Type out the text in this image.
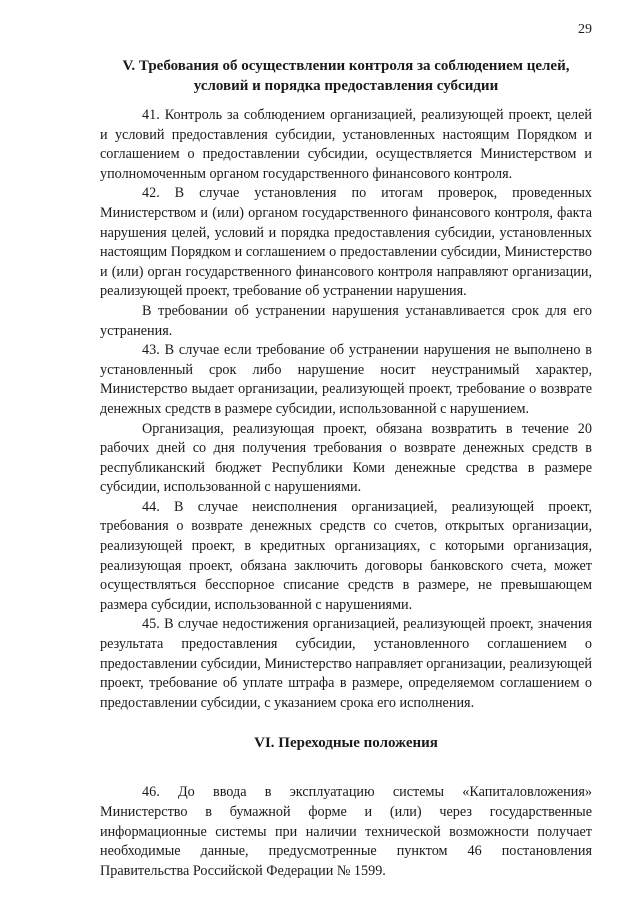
29
V. Требования об осуществлении контроля за соблюдением целей,
условий и порядка предоставления субсидии

41. Контроль за соблюдением организацией, реализующей проект, целей и условий предоставления субсидии, установленных настоящим Порядком и соглашением о предоставлении субсидии, осуществляется Министерством и уполномоченным органом государственного финансового контроля.

42. В случае установления по итогам проверок, проведенных Министерством и (или) органом государственного финансового контроля, факта нарушения целей, условий и порядка предоставления субсидии, установленных настоящим Порядком и соглашением о предоставлении субсидии, Министерство и (или) орган государственного финансового контроля направляют организации, реализующей проект, требование об устранении нарушения.

В требовании об устранении нарушения устанавливается срок для его устранения.

43. В случае если требование об устранении нарушения не выполнено в установленный срок либо нарушение носит неустранимый характер, Министерство выдает организации, реализующей проект, требование о возврате денежных средств в размере субсидии, использованной с нарушением.

Организация, реализующая проект, обязана возвратить в течение 20 рабочих дней со дня получения требования о возврате денежных средств в республиканский бюджет Республики Коми денежные средства в размере субсидии, использованной с нарушениями.

44. В случае неисполнения организацией, реализующей проект, требования о возврате денежных средств со счетов, открытых организации, реализующей проект, в кредитных организациях, с которыми организация, реализующая проект, обязана заключить договоры банковского счета, может осуществляться бесспорное списание средств в размере, не превышающем размера субсидии, использованной с нарушениями.

45. В случае недостижения организацией, реализующей проект, значения результата предоставления субсидии, установленного соглашением о предоставлении субсидии, Министерство направляет организации, реализующей проект, требование об уплате штрафа в размере, определяемом соглашением о предоставлении субсидии, с указанием срока его исполнения.

VI. Переходные положения

46. До ввода в эксплуатацию системы «Капиталовложения» Министерство в бумажной форме и (или) через государственные информационные системы при наличии технической возможности получает необходимые данные, предусмотренные пунктом 46 постановления Правительства Российской Федерации № 1599.
